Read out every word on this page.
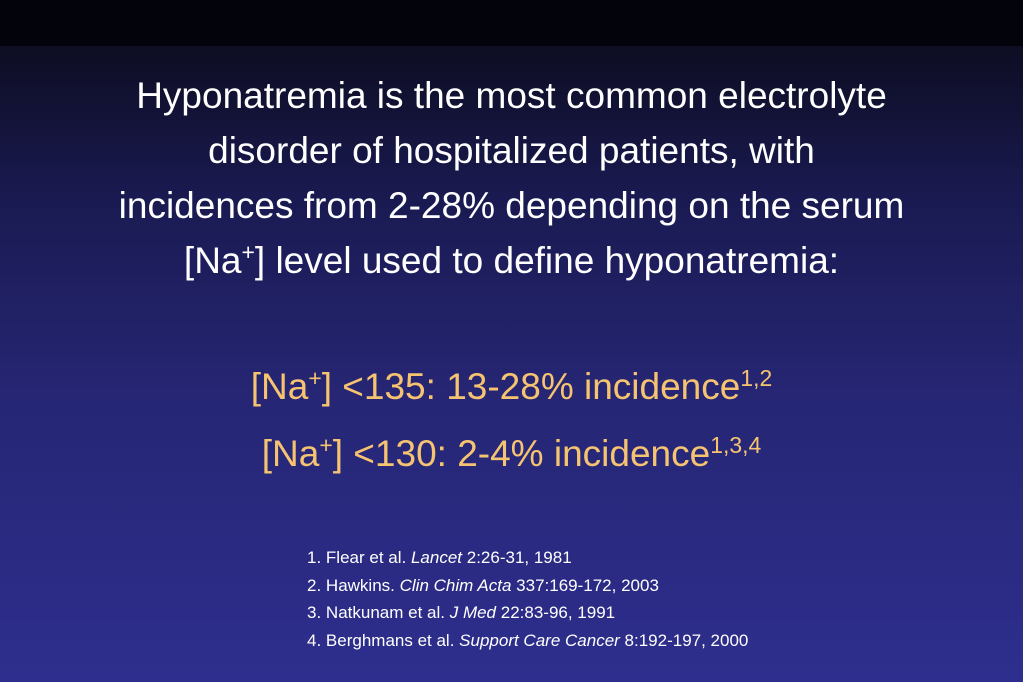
Hyponatremia is the most common electrolyte
disorder of hospitalized patients, with
incidences from 2-28% depending on the serum
[Na+] level used to define hyponatremia:
[Na+] <135: 13-28% incidence$^{1,2}$
[Na+] <130: 2-4% incidence$^{1,3,4}$
1. Flear et al. Lancet 2:26-31, 1981
2. Hawkins. Clin Chim Acta 337:169-172, 2003
3. Natkunam et al. J Med 22:83-96, 1991
4. Berghmans et al. Support Care Cancer 8:192-197, 2000
